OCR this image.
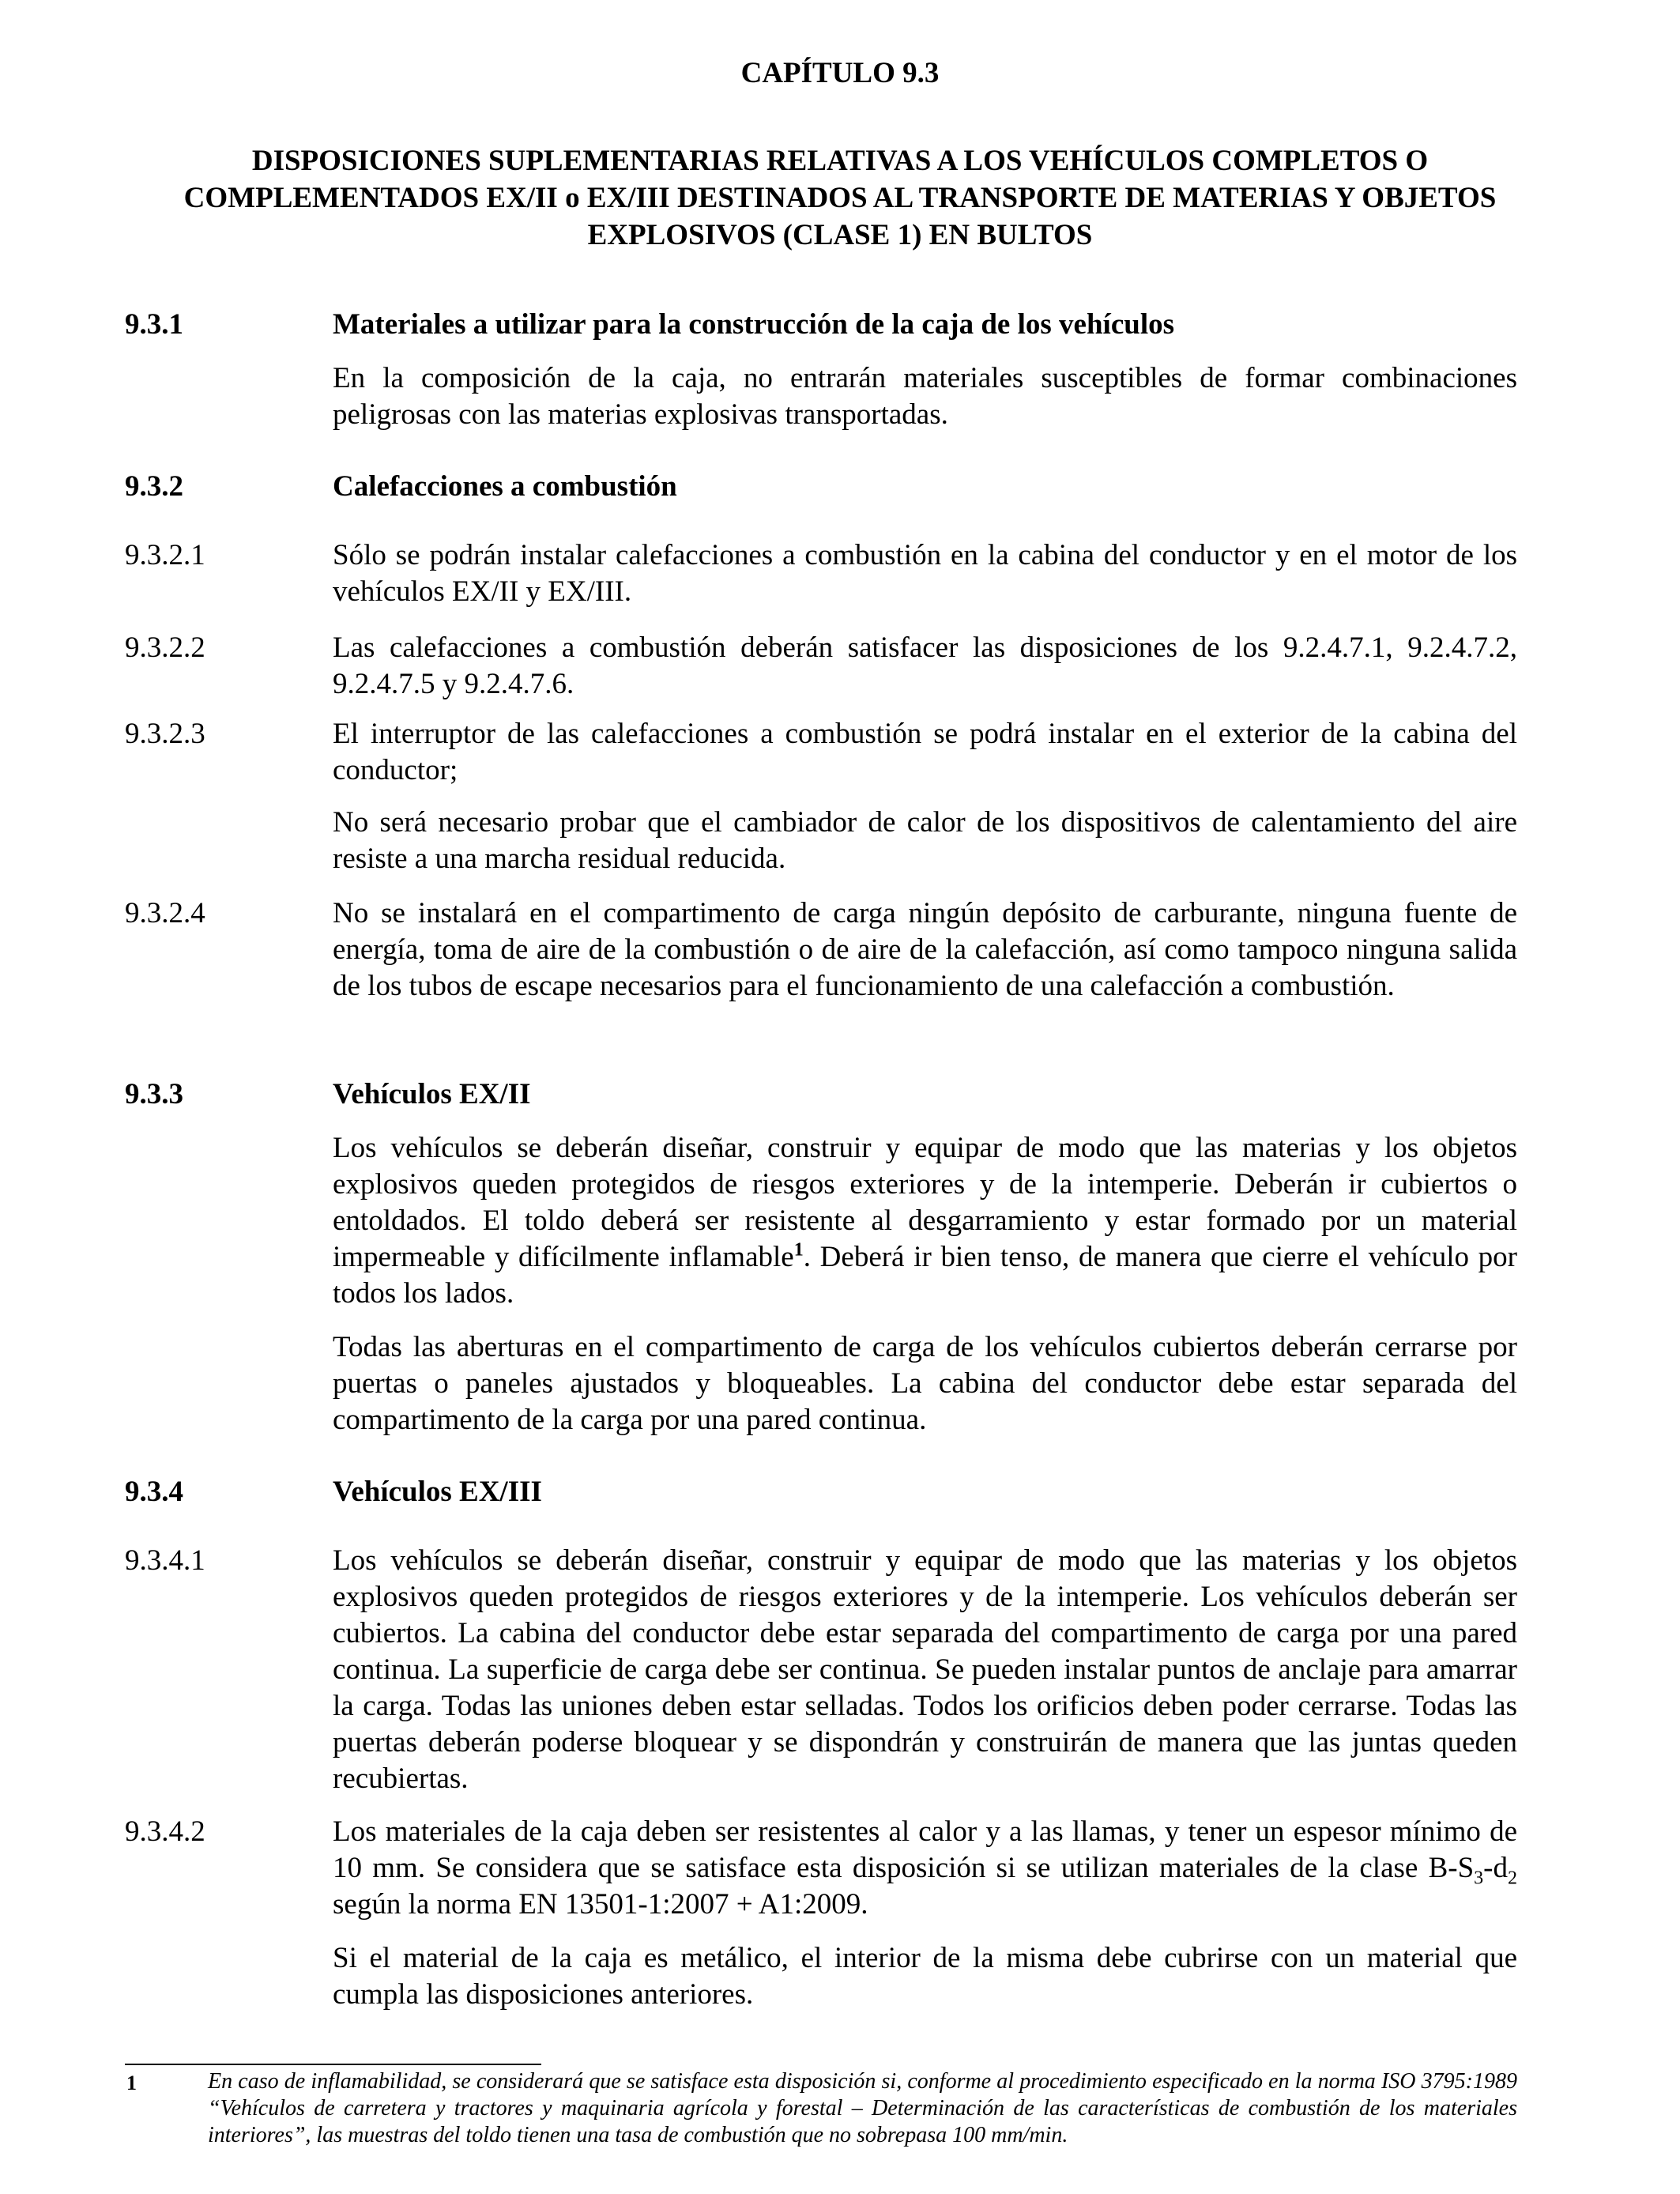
CAPÍTULO 9.3
DISPOSICIONES SUPLEMENTARIAS RELATIVAS A LOS VEHÍCULOS COMPLETOS O COMPLEMENTADOS EX/II o EX/III DESTINADOS AL TRANSPORTE DE MATERIAS Y OBJETOS EXPLOSIVOS (CLASE 1) EN BULTOS
9.3.1	Materiales a utilizar para la construcción de la caja de los vehículos
En la composición de la caja, no entrarán materiales susceptibles de formar combinaciones peligrosas con las materias explosivas transportadas.
9.3.2	Calefacciones a combustión
9.3.2.1	Sólo se podrán instalar calefacciones a combustión en la cabina del conductor y en el motor de los vehículos EX/II y EX/III.
9.3.2.2	Las calefacciones a combustión deberán satisfacer las disposiciones de los 9.2.4.7.1, 9.2.4.7.2, 9.2.4.7.5 y 9.2.4.7.6.
9.3.2.3	El interruptor de las calefacciones a combustión se podrá instalar en el exterior de la cabina del conductor;
No será necesario probar que el cambiador de calor de los dispositivos de calentamiento del aire resiste a una marcha residual reducida.
9.3.2.4	No se instalará en el compartimento de carga ningún depósito de carburante, ninguna fuente de energía, toma de aire de la combustión o de aire de la calefacción, así como tampoco ninguna salida de los tubos de escape necesarios para el funcionamiento de una calefacción a combustión.
9.3.3	Vehículos EX/II
Los vehículos se deberán diseñar, construir y equipar de modo que las materias y los objetos explosivos queden protegidos de riesgos exteriores y de la intemperie. Deberán ir cubiertos o entoldados. El toldo deberá ser resistente al desgarramiento y estar formado por un material impermeable y difícilmente inflamable$^1$. Deberá ir bien tenso, de manera que cierre el vehículo por todos los lados.
Todas las aberturas en el compartimento de carga de los vehículos cubiertos deberán cerrarse por puertas o paneles ajustados y bloqueables. La cabina del conductor debe estar separada del compartimento de la carga por una pared continua.
9.3.4	Vehículos EX/III
9.3.4.1	Los vehículos se deberán diseñar, construir y equipar de modo que las materias y los objetos explosivos queden protegidos de riesgos exteriores y de la intemperie. Los vehículos deberán ser cubiertos. La cabina del conductor debe estar separada del compartimento de carga por una pared continua. La superficie de carga debe ser continua. Se pueden instalar puntos de anclaje para amarrar la carga. Todas las uniones deben estar selladas. Todos los orificios deben poder cerrarse. Todas las puertas deberán poderse bloquear y se dispondrán y construirán de manera que las juntas queden recubiertas.
9.3.4.2	Los materiales de la caja deben ser resistentes al calor y a las llamas, y tener un espesor mínimo de 10 mm. Se considera que se satisface esta disposición si se utilizan materiales de la clase $B-S_3-d_2$ según la norma EN 13501-1:2007 + A1:2009.
Si el material de la caja es metálico, el interior de la misma debe cubrirse con un material que cumpla las disposiciones anteriores.
1	En caso de inflamabilidad, se considerará que se satisface esta disposición si, conforme al procedimiento especificado en la norma ISO 3795:1989 “Vehículos de carretera y tractores y maquinaria agrícola y forestal – Determinación de las características de combustión de los materiales interiores”, las muestras del toldo tienen una tasa de combustión que no sobrepasa 100 mm/min.
